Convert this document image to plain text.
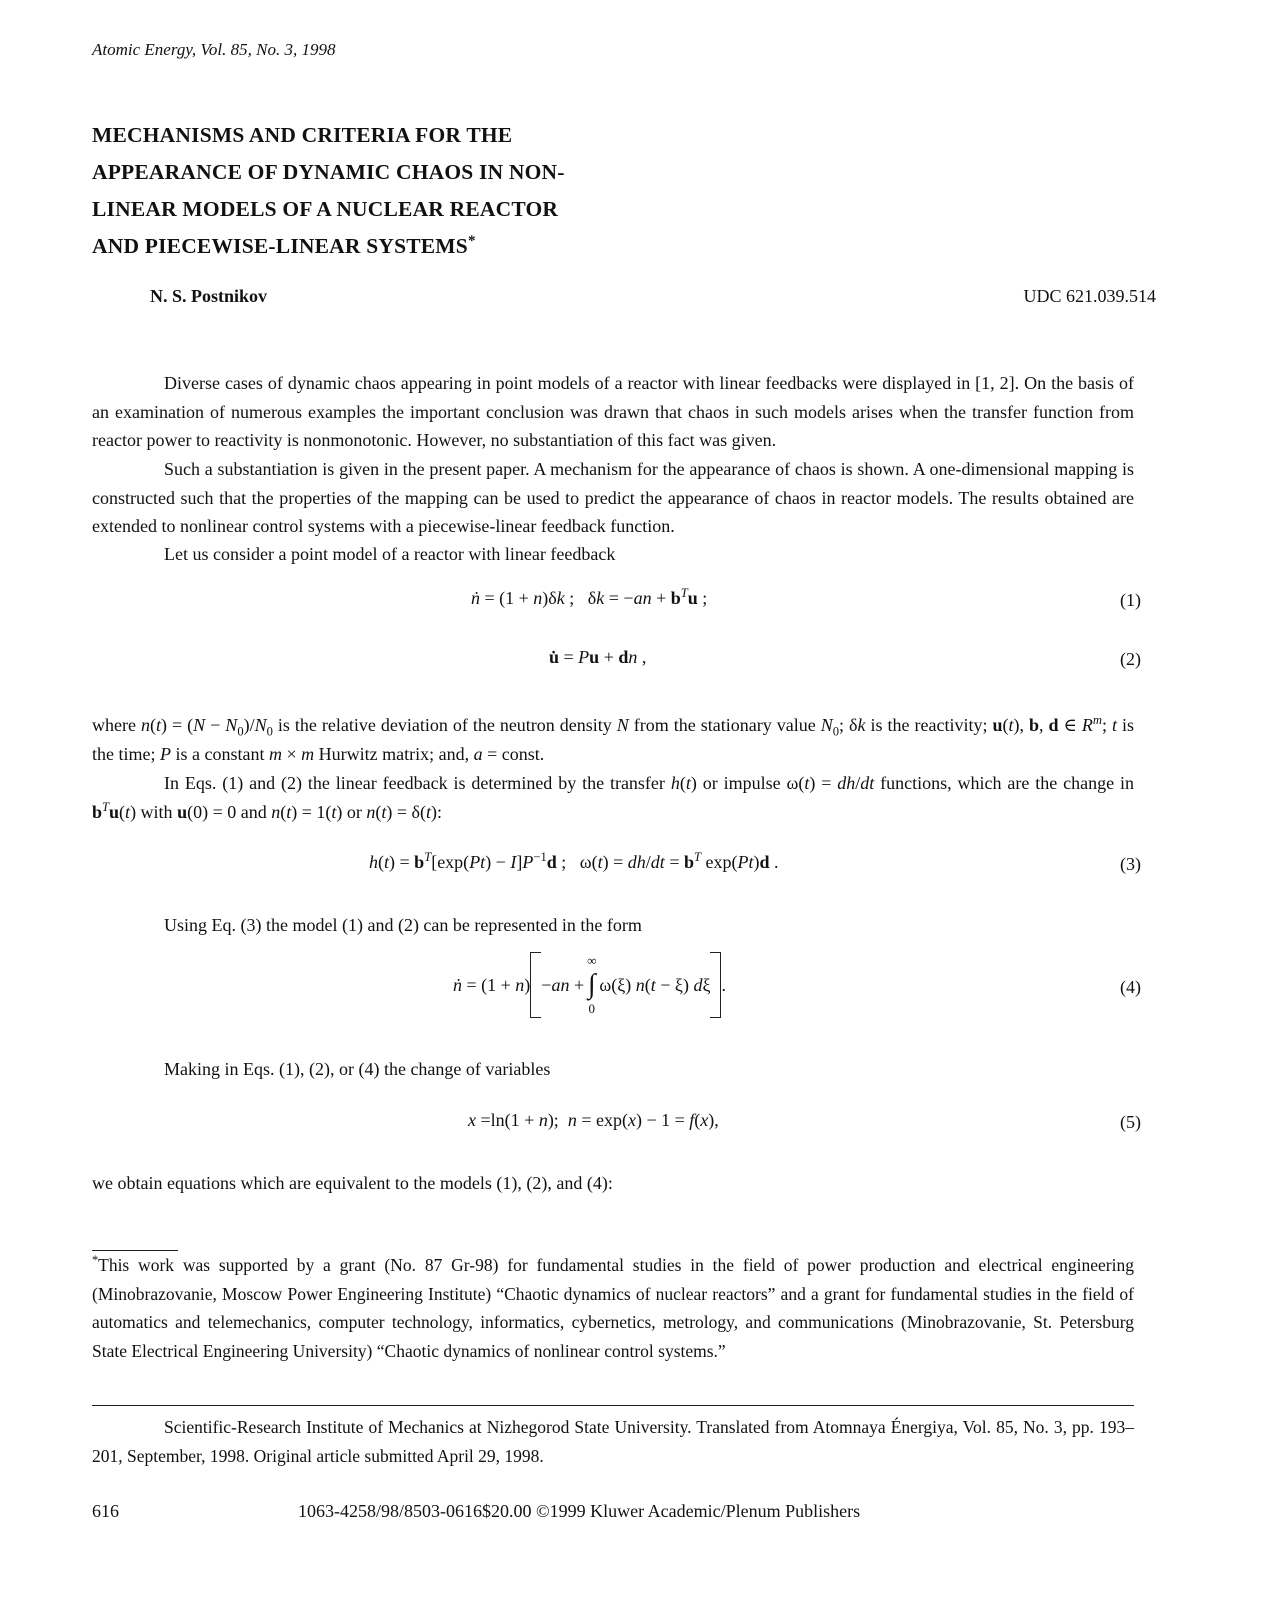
Atomic Energy, Vol. 85, No. 3, 1998
MECHANISMS AND CRITERIA FOR THE
APPEARANCE OF DYNAMIC CHAOS IN NON-
LINEAR MODELS OF A NUCLEAR REACTOR
AND PIECEWISE-LINEAR SYSTEMS*
N. S. Postnikov	UDC 621.039.514
Diverse cases of dynamic chaos appearing in point models of a reactor with linear feedbacks were displayed in [1, 2]. On the basis of an examination of numerous examples the important conclusion was drawn that chaos in such models arises when the transfer function from reactor power to reactivity is nonmonotonic. However, no substantiation of this fact was given.
Such a substantiation is given in the present paper. A mechanism for the appearance of chaos is shown. A one-dimensional mapping is constructed such that the properties of the mapping can be used to predict the appearance of chaos in reactor models. The results obtained are extended to nonlinear control systems with a piecewise-linear feedback function.
Let us consider a point model of a reactor with linear feedback
ṅ = (1 + n)δk ;   $\delta k = -an + b^Tu$ ;	(1)
u̇ = Pu + dn ,	(2)
where $n(t) = (N - N_0)/N_0$ is the relative deviation of the neutron density N from the stationary value $N_0$; δk is the reactivity; u(t), b, d ∈ $R^m$; t is the time; P is a constant m × m Hurwitz matrix; and, a = const.
In Eqs. (1) and (2) the linear feedback is determined by the transfer h(t) or impulse ω(t) = dh/dt functions, which are the change in $b^Tu(t)$ with u(0) = 0 and n(t) = 1(t) or n(t) = δ(t):
$h(t) = b^T[\exp(Pt) - I]P^{-1}d$ ;   $\omega(t) = dh/dt = b^T$ exp(Pt)d .	(3)
Using Eq. (3) the model (1) and (2) can be represented in the form
ṅ = (1 + n) −an +∞
∫
0ω(ξ) n(t − ξ) dξ .	(4)
Making in Eqs. (1), (2), or (4) the change of variables
x =ln(1 + n);  n = exp(x) − 1 = f(x),	(5)
we obtain equations which are equivalent to the models (1), (2), and (4):
*This work was supported by a grant (No. 87 Gr-98) for fundamental studies in the field of power production and electrical engineering (Minobrazovanie, Moscow Power Engineering Institute) “Chaotic dynamics of nuclear reactors” and a grant for fundamental studies in the field of automatics and telemechanics, computer technology, informatics, cybernetics, metrology, and communications (Minobrazovanie, St. Petersburg State Electrical Engineering University) “Chaotic dynamics of nonlinear control systems.”
Scientific-Research Institute of Mechanics at Nizhegorod State University. Translated from Atomnaya Énergiya, Vol. 85, No. 3, pp. 193–201, September, 1998. Original article submitted April 29, 1998.
616	1063-4258/98/8503-0616$20.00 ©1999 Kluwer Academic/Plenum Publishers
